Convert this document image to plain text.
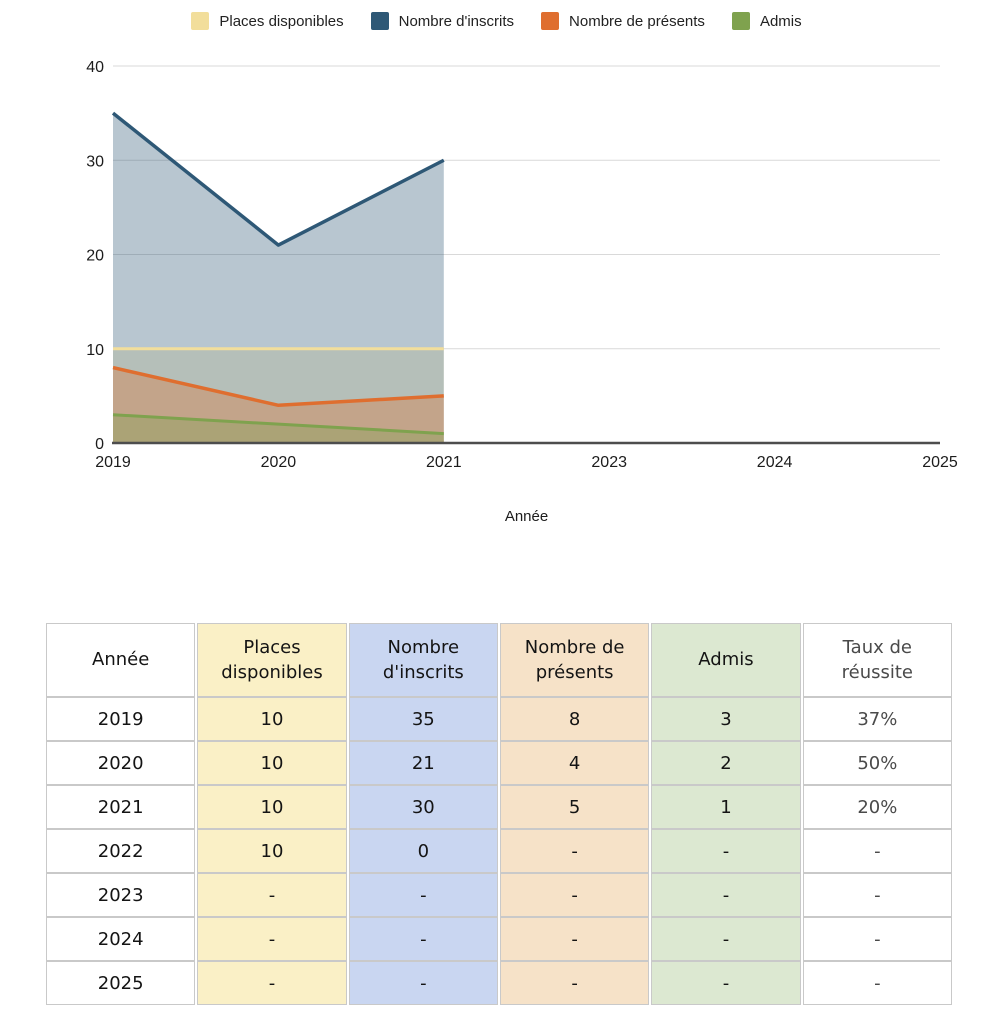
Places disponibles	Nombre d'inscrits	Nombre de présents	Admis
0
10
20
30
40
2019	2020	2021	2023	2024	2025
Année
Année	Places disponibles	Nombre d'inscrits	Nombre de présents	Admis	Taux de réussite
2019	10	35	8	3	37%
2020	10	21	4	2	50%
2021	10	30	5	1	20%
2022	10	0	-	-	-
2023	-	-	-	-	-
2024	-	-	-	-	-
2025	-	-	-	-	-
